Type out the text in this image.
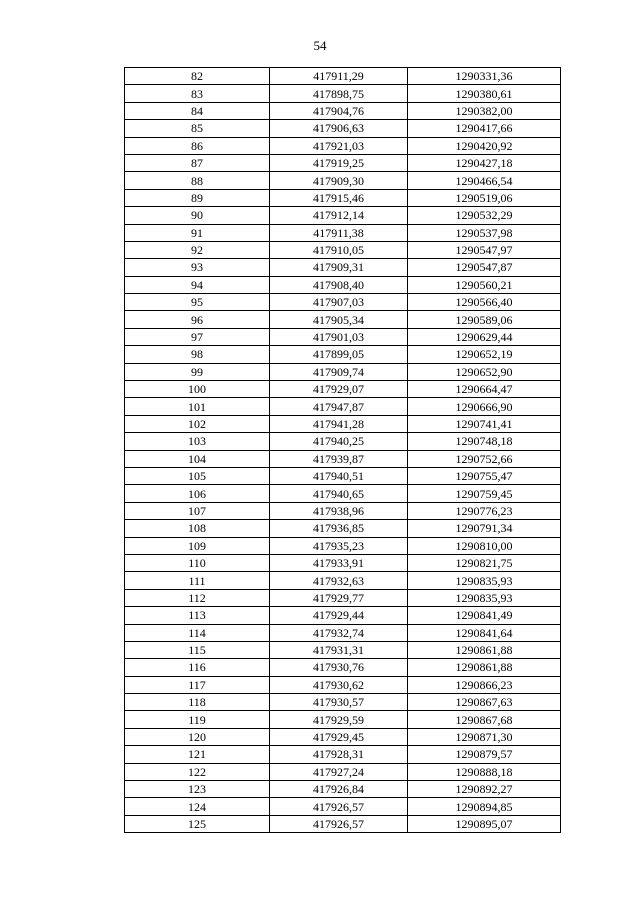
54
82	417911,29	1290331,36
83	417898,75	1290380,61
84	417904,76	1290382,00
85	417906,63	1290417,66
86	417921,03	1290420,92
87	417919,25	1290427,18
88	417909,30	1290466,54
89	417915,46	1290519,06
90	417912,14	1290532,29
91	417911,38	1290537,98
92	417910,05	1290547,97
93	417909,31	1290547,87
94	417908,40	1290560,21
95	417907,03	1290566,40
96	417905,34	1290589,06
97	417901,03	1290629,44
98	417899,05	1290652,19
99	417909,74	1290652,90
100	417929,07	1290664,47
101	417947,87	1290666,90
102	417941,28	1290741,41
103	417940,25	1290748,18
104	417939,87	1290752,66
105	417940,51	1290755,47
106	417940,65	1290759,45
107	417938,96	1290776,23
108	417936,85	1290791,34
109	417935,23	1290810,00
110	417933,91	1290821,75
111	417932,63	1290835,93
112	417929,77	1290835,93
113	417929,44	1290841,49
114	417932,74	1290841,64
115	417931,31	1290861,88
116	417930,76	1290861,88
117	417930,62	1290866,23
118	417930,57	1290867,63
119	417929,59	1290867,68
120	417929,45	1290871,30
121	417928,31	1290879,57
122	417927,24	1290888,18
123	417926,84	1290892,27
124	417926,57	1290894,85
125	417926,57	1290895,07
